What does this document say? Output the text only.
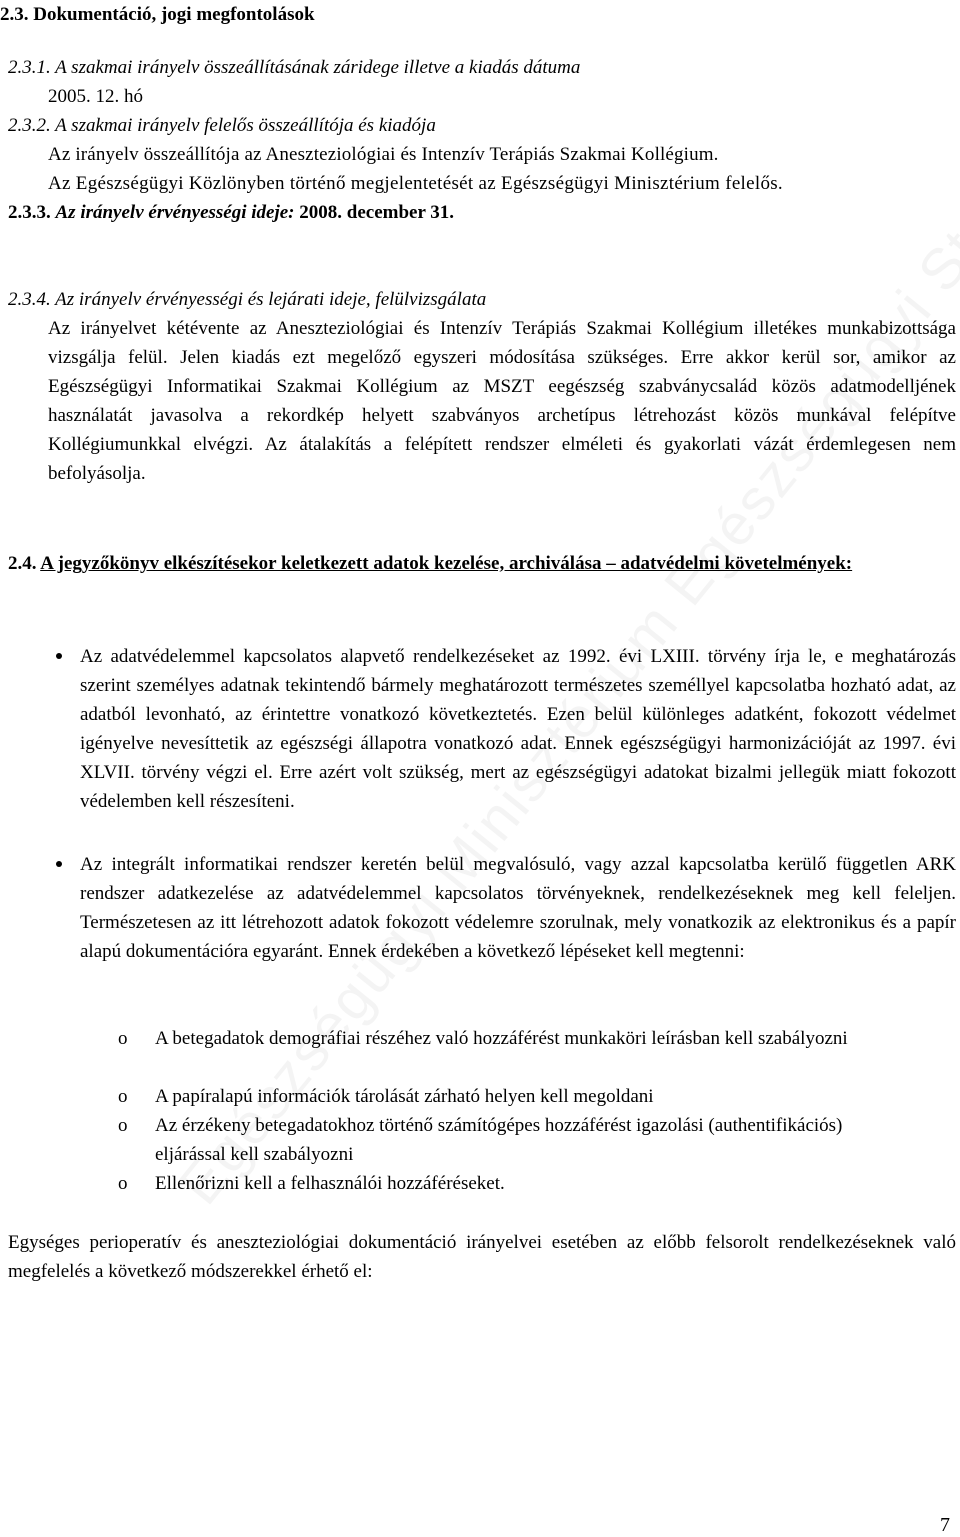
2.3. Dokumentáció, jogi megfontolások
2.3.1. A szakmai irányelv összeállításának záridege illetve a kiadás dátuma
2005. 12. hó
2.3.2. A szakmai irányelv felelős összeállítója és kiadója
Az irányelv összeállítója az Aneszteziológiai és Intenzív Terápiás Szakmai Kollégium.
Az Egészségügyi Közlönyben történő megjelentetését az Egészségügyi Minisztérium felelős.
2.3.3. Az irányelv érvényességi ideje: 2008. december 31.
2.3.4. Az irányelv érvényességi és lejárati ideje, felülvizsgálata
Az irányelvet kétévente az Aneszteziológiai és Intenzív Terápiás Szakmai Kollégium illetékes munkabizottsága vizsgálja felül. Jelen kiadás ezt megelőző egyszeri módosítása szükséges. Erre akkor kerül sor, amikor az Egészségügyi Informatikai Szakmai Kollégium az MSZT eegészség szabványcsalád közös adatmodelljének használatát javasolva a rekordkép helyett szabványos archetípus létrehozást közös munkával felépítve Kollégiumunkkal elvégzi. Az átalakítás a felépített rendszer elméleti és gyakorlati vázát érdemlegesen nem befolyásolja.
2.4. A jegyzőkönyv elkészítésekor keletkezett adatok kezelése, archiválása – adatvédelmi követelmények:
Az adatvédelemmel kapcsolatos alapvető rendelkezéseket az 1992. évi LXIII. törvény írja le, e meghatározás szerint személyes adatnak tekintendő bármely meghatározott természetes személlyel kapcsolatba hozható adat, az adatból levonható, az érintettre vonatkozó következtetés. Ezen belül különleges adatként, fokozott védelmet igényelve nevesíttetik az egészségi állapotra vonatkozó adat. Ennek egészségügyi harmonizációját az 1997. évi XLVII. törvény végzi el. Erre azért volt szükség, mert az egészségügyi adatokat bizalmi jellegük miatt fokozott védelemben kell részesíteni.
Az integrált informatikai rendszer keretén belül megvalósuló, vagy azzal kapcsolatba kerülő független ARK rendszer adatkezelése az adatvédelemmel kapcsolatos törvényeknek, rendelkezéseknek meg kell feleljen. Természetesen az itt létrehozott adatok fokozott védelemre szorulnak, mely vonatkozik az elektronikus és a papír alapú dokumentációra egyaránt. Ennek érdekében a következő lépéseket kell megtenni:
o A betegadatok demográfiai részéhez való hozzáférést munkaköri leírásban kell szabályozni
o A papíralapú információk tárolását zárható helyen kell megoldani
o Az érzékeny betegadatokhoz történő számítógépes hozzáférést igazolási (authentifikációs) eljárással kell szabályozni
o Ellenőrizni kell a felhasználói hozzáféréseket.
Egységes perioperatív és aneszteziológiai dokumentáció irányelvei esetében az előbb felsorolt rendelkezéseknek való megfelelés a következő módszerekkel érhető el:
7
